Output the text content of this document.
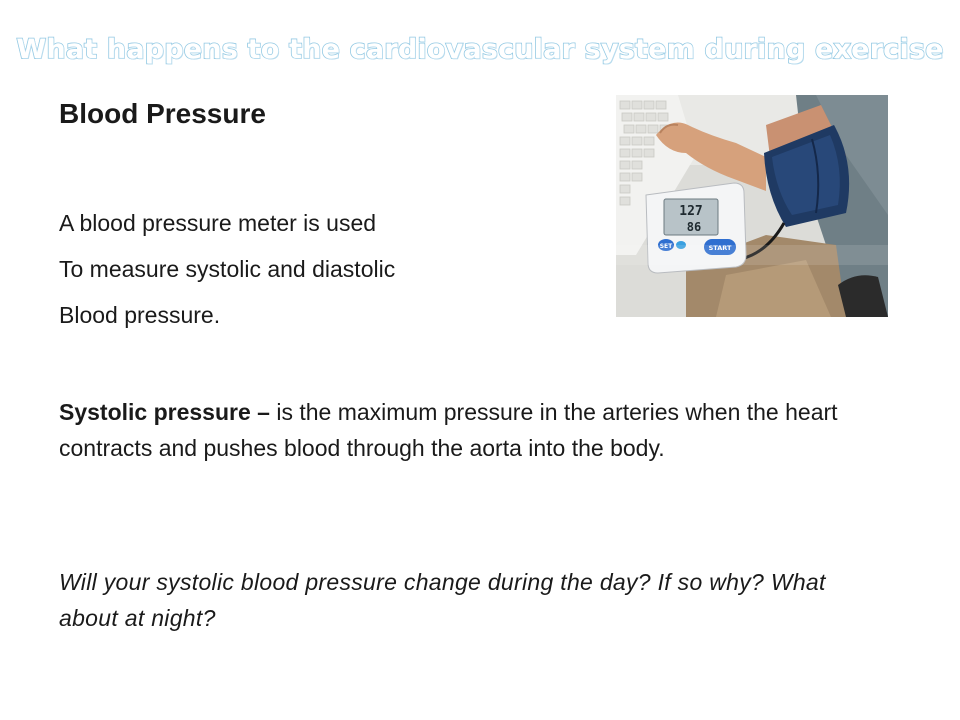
What happens to the cardiovascular system during exercise
Blood Pressure
A blood pressure meter is used
To measure systolic and diastolic
Blood pressure.
Systolic pressure – is the maximum pressure in the arteries when the heart contracts and pushes blood through the aorta into the body.
Will your systolic blood pressure change during the day? If so why? What about at night?
127
86
SET	START
